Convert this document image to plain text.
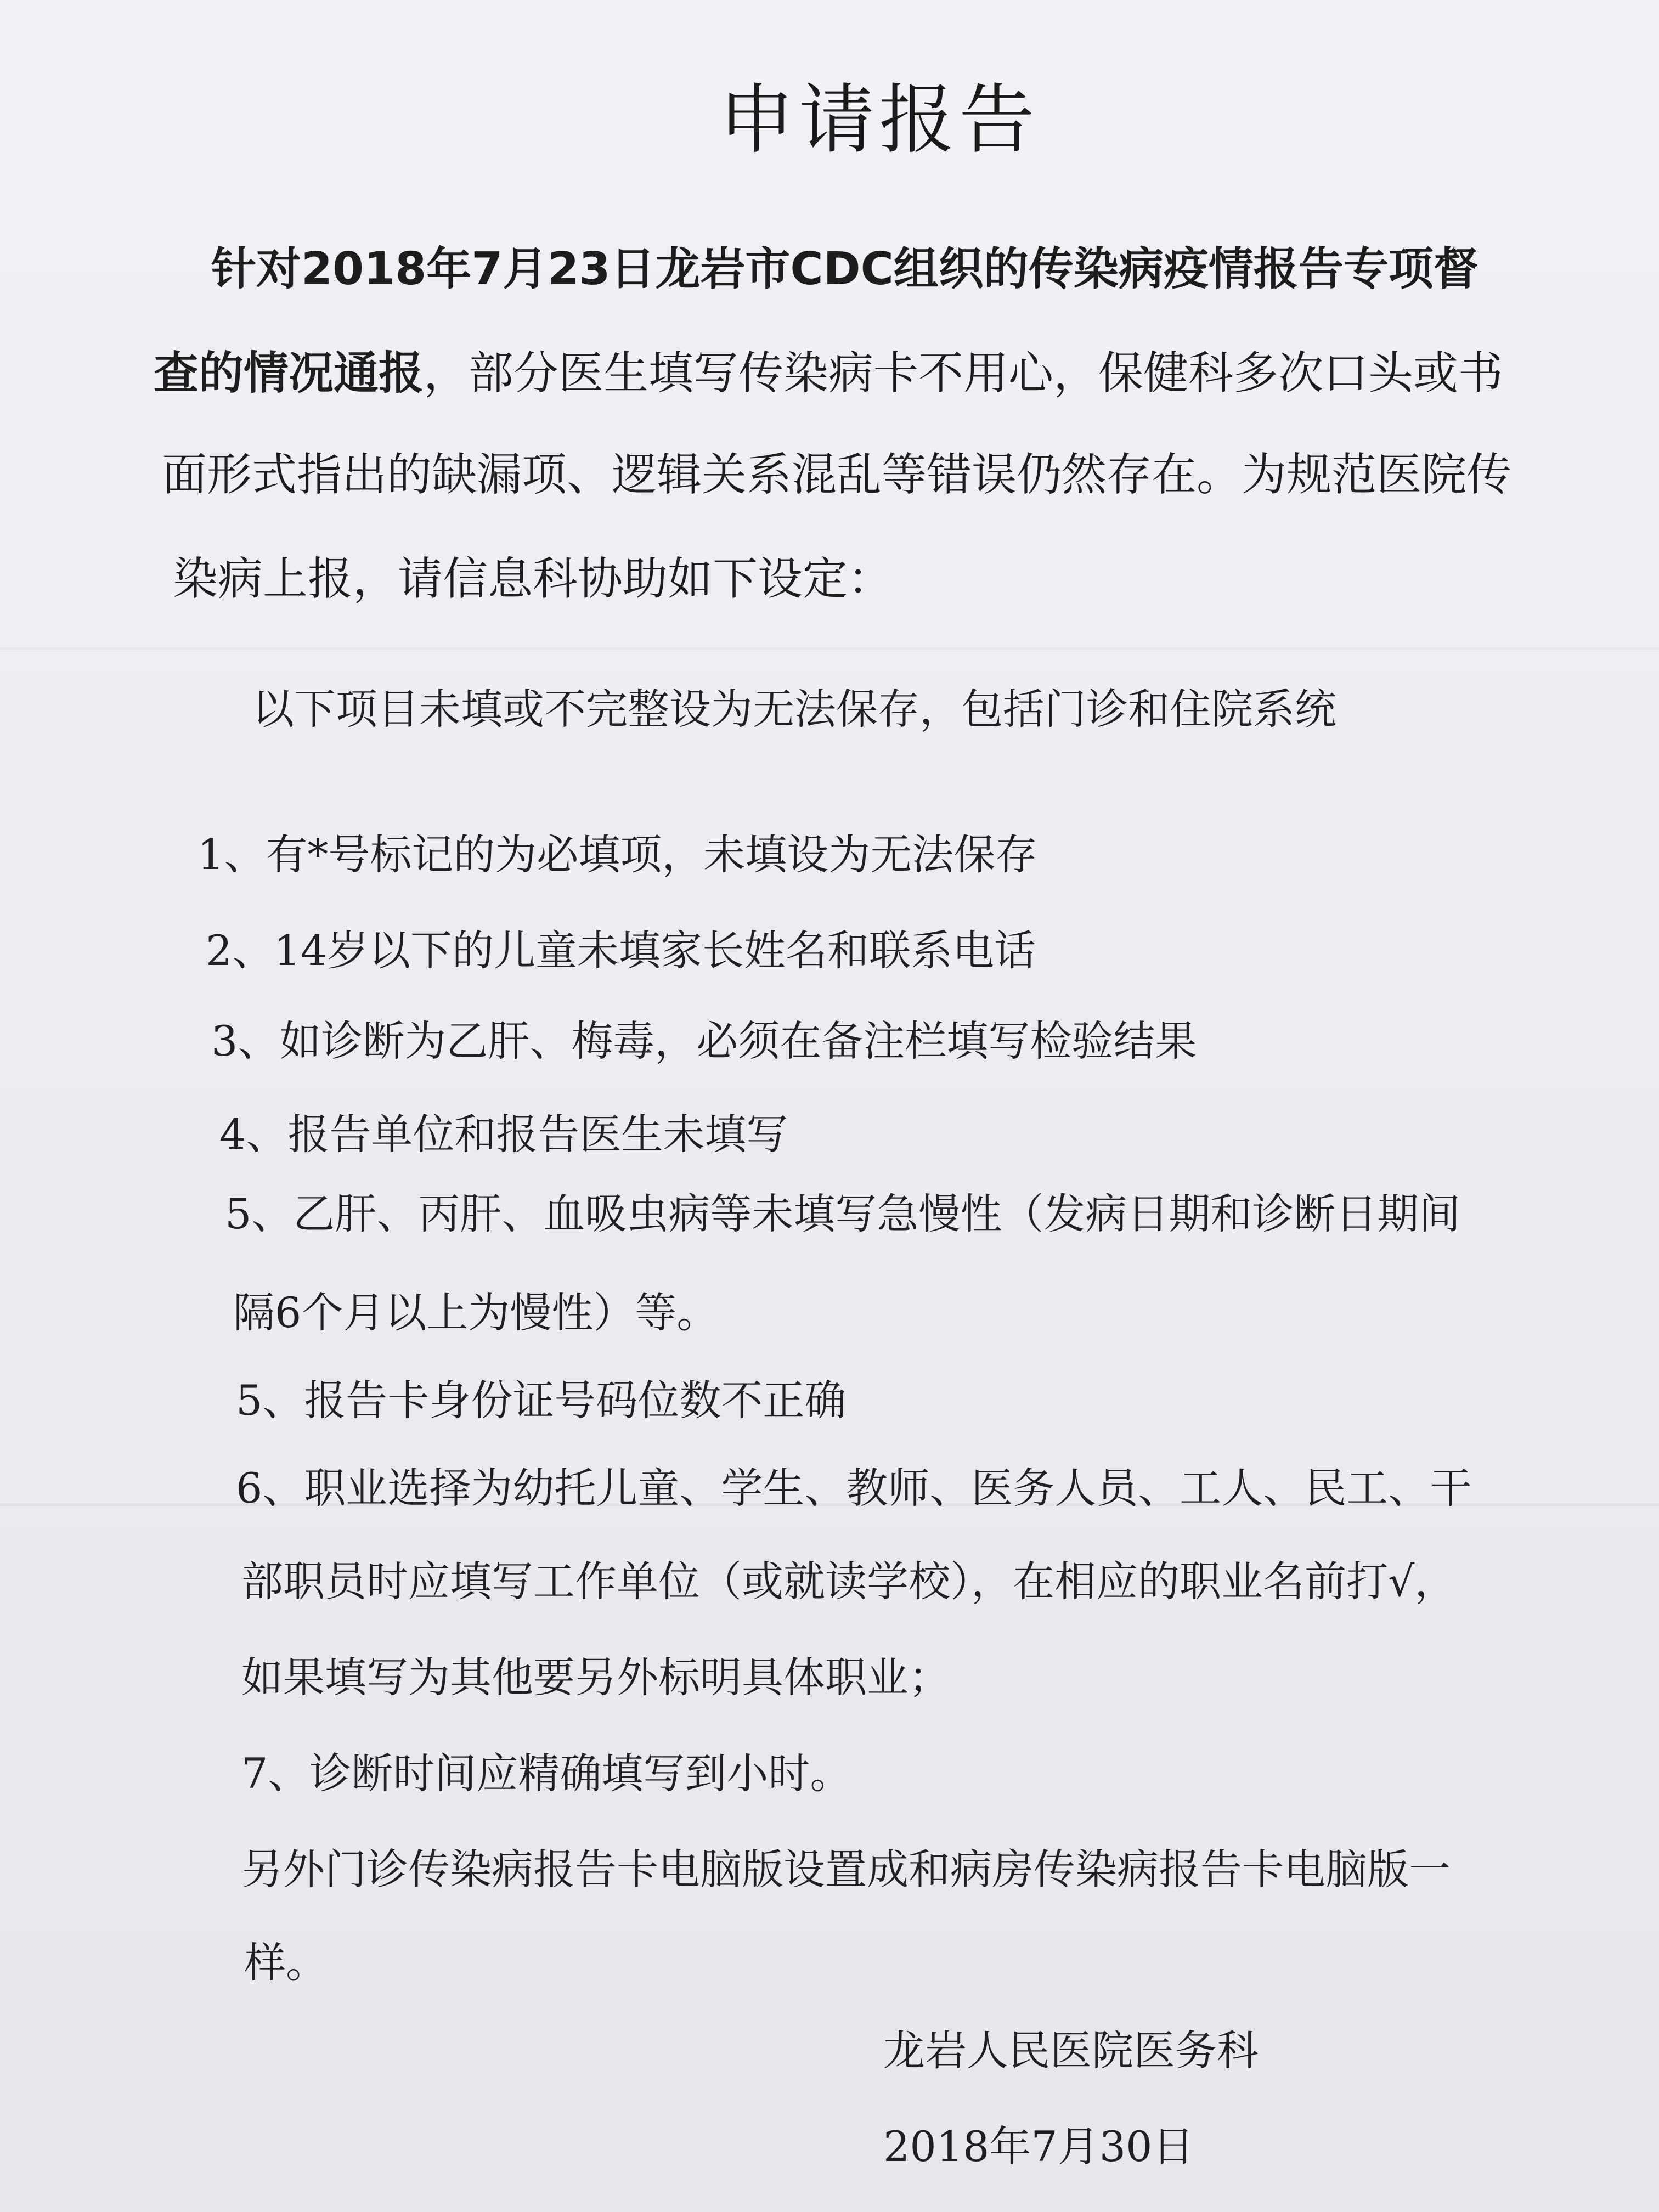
申请报告
针对2018年7月23日龙岩市CDC组织的传染病疫情报告专项督
查的情况通报，部分医生填写传染病卡不用心，保健科多次口头或书
面形式指出的缺漏项、逻辑关系混乱等错误仍然存在。为规范医院传
染病上报，请信息科协助如下设定：
以下项目未填或不完整设为无法保存，包括门诊和住院系统
1、有*号标记的为必填项，未填设为无法保存
2、14岁以下的儿童未填家长姓名和联系电话
3、如诊断为乙肝、梅毒，必须在备注栏填写检验结果
4、报告单位和报告医生未填写
5、乙肝、丙肝、血吸虫病等未填写急慢性（发病日期和诊断日期间
隔6个月以上为慢性）等。
5、报告卡身份证号码位数不正确
6、职业选择为幼托儿童、学生、教师、医务人员、工人、民工、干
部职员时应填写工作单位（或就读学校），在相应的职业名前打√，
如果填写为其他要另外标明具体职业；
7、诊断时间应精确填写到小时。
另外门诊传染病报告卡电脑版设置成和病房传染病报告卡电脑版一
样。
龙岩人民医院医务科
2018年7月30日
